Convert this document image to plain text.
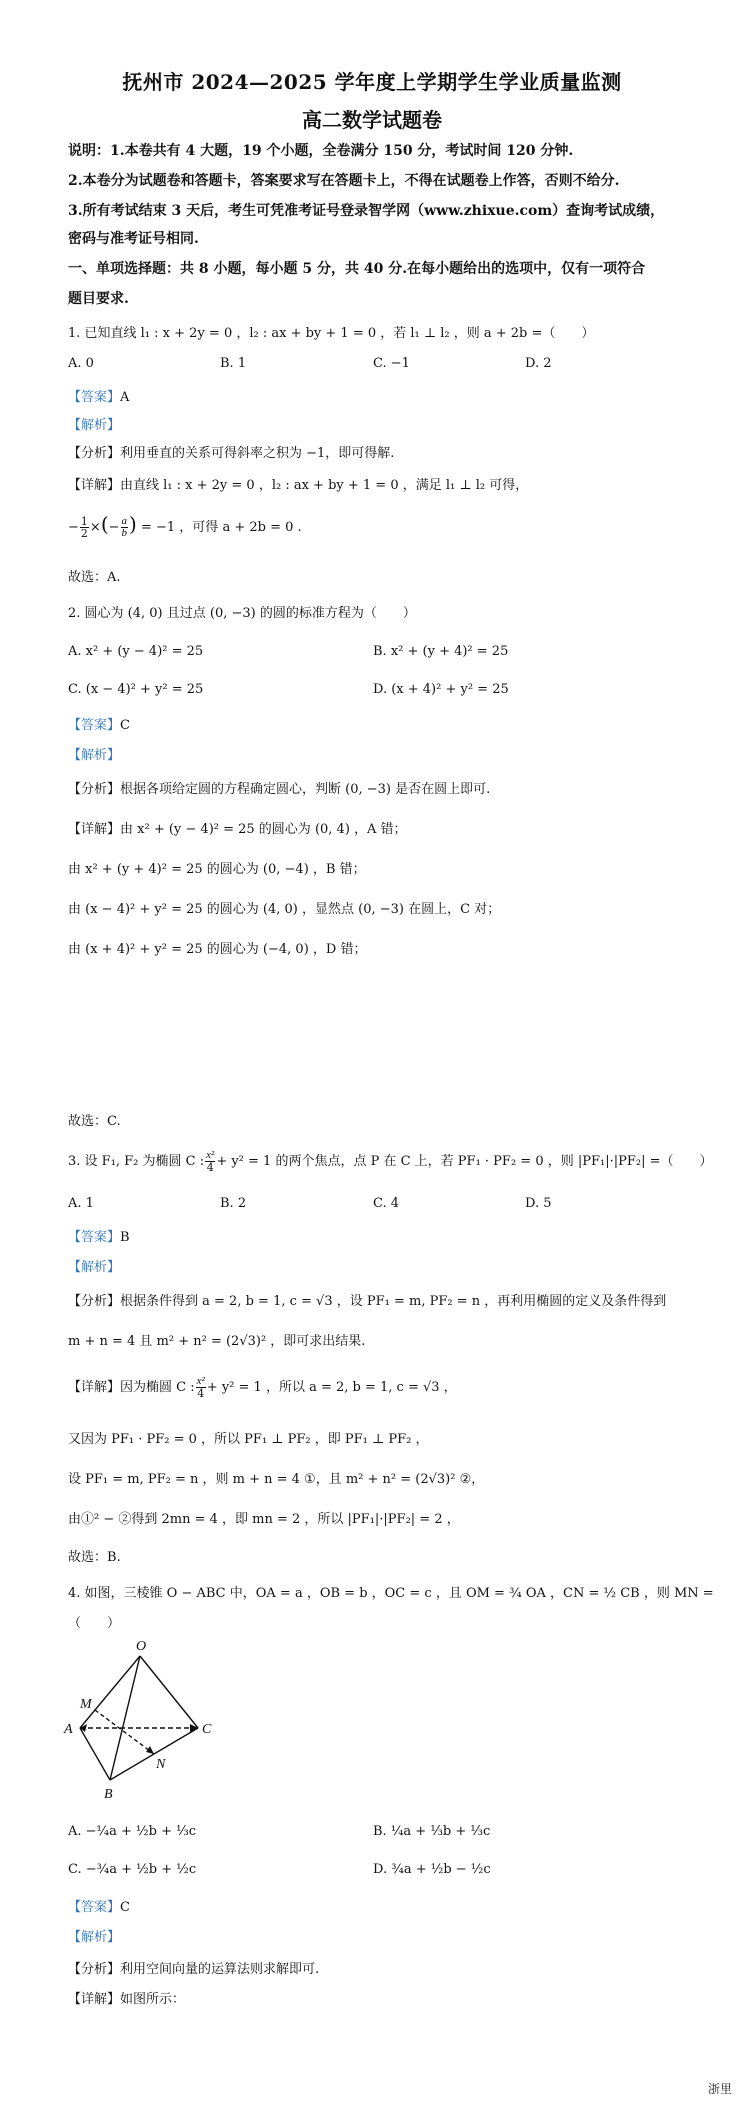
抚州市 2024—2025 学年度上学期学生学业质量监测
高二数学试题卷
说明：1.本卷共有 4 大题，19 个小题，全卷满分 150 分，考试时间 120 分钟.
2.本卷分为试题卷和答题卡，答案要求写在答题卡上，不得在试题卷上作答，否则不给分.
3.所有考试结束 3 天后，考生可凭准考证号登录智学网（www.zhixue.com）查询考试成绩，
密码与准考证号相同.
一、单项选择题：共 8 小题，每小题 5 分，共 40 分.在每小题给出的选项中，仅有一项符合
题目要求.
1. 已知直线 l₁ : x + 2y = 0 ，l₂ : ax + by + 1 = 0 ，若 l₁ ⊥ l₂ ，则 a + 2b =（　　）
A. 0	B. 1	C. −1	D. 2
【答案】A
【解析】
【分析】利用垂直的关系可得斜率之积为 −1，即可得解.
【详解】由直线 l₁ : x + 2y = 0 ，l₂ : ax + by + 1 = 0 ，满足 l₁ ⊥ l₂ 可得，
− $\frac{1}{2}$ ×(− $\frac{a}{b}$ ) = −1 ，可得 a + 2b = 0 .
故选：A.
2. 圆心为 (4, 0) 且过点 (0, −3) 的圆的标准方程为（　　）
A. x² + (y − 4)² = 25	B. x² + (y + 4)² = 25
C. (x − 4)² + y² = 25	D. (x + 4)² + y² = 25
【答案】C
【解析】
【分析】根据各项给定圆的方程确定圆心，判断 (0, −3) 是否在圆上即可.
【详解】由 x² + (y − 4)² = 25 的圆心为 (0, 4) ，A 错；
由 x² + (y + 4)² = 25 的圆心为 (0, −4) ，B 错；
由 (x − 4)² + y² = 25 的圆心为 (4, 0) ，显然点 (0, −3) 在圆上，C 对；
由 (x + 4)² + y² = 25 的圆心为 (−4, 0) ，D 错；
故选：C.
3. 设 F₁, F₂ 为椭圆 C : $\frac{\text{x²}}{4} + y^2 = 1$ 的两个焦点，点 P 在 C 上，若 PF₁ · PF₂ = 0 ，则 |PF₁|·|PF₂| =（　　）
A. 1	B. 2	C. 4	D. 5
【答案】B
【解析】
【分析】根据条件得到 a = 2, b = 1, c = √3 ，设 PF₁ = m, PF₂ = n ，再利用椭圆的定义及条件得到
m + n = 4 且 m² + n² = (2√3)² ，即可求出结果.
【详解】因为椭圆 C : $\frac{\text{x²}}{4} + y^2 = 1$ ，所以 a = 2, b = 1, c = √3 ，
又因为 PF₁ · PF₂ = 0 ，所以 PF₁ ⊥ PF₂ ，即 PF₁ ⊥ PF₂ ，
设 PF₁ = m, PF₂ = n ，则 m + n = 4 ①，且 m² + n² = (2√3)² ②，
由①² − ②得到 2mn = 4 ，即 mn = 2 ，所以 |PF₁|·|PF₂| = 2 ，
故选：B.
4. 如图，三棱锥 O − ABC 中，OA = a ，OB = b ，OC = c ，且 OM = ¾ OA ，CN = ½ CB ，则 MN =
（　　）
O
M
A	C
N
B
A. −¼a + ½b + ⅓c	B. ¼a + ⅓b + ⅓c
C. −¾a + ½b + ½c	D. ¾a + ½b − ½c
【答案】C
【解析】
【分析】利用空间向量的运算法则求解即可.
【详解】如图所示：
浙里
